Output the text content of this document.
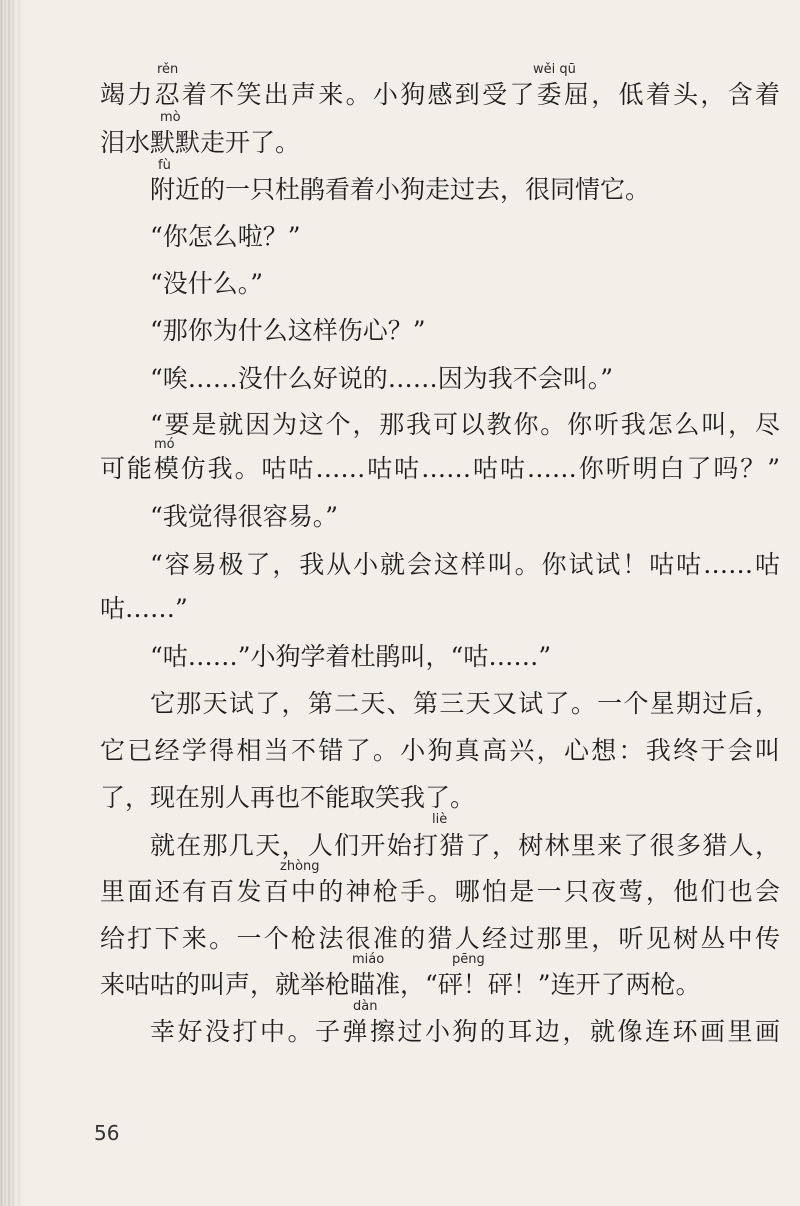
rěn	wěi qū
mò
fù
mó
liè
zhòng
miáo	pēng
dàn
竭力忍着不笑出声来。小狗感到受了委屈，低着头，含着
泪水默默走开了。
附近的一只杜鹃看着小狗走过去，很同情它。
“你怎么啦？”
“没什么。”
“那你为什么这样伤心？”
“唉……没什么好说的……因为我不会叫。”
“要是就因为这个，那我可以教你。你听我怎么叫，尽
可能模仿我。咕咕……咕咕……咕咕……你听明白了吗？”
“我觉得很容易。”
“容易极了，我从小就会这样叫。你试试！咕咕……咕
咕……”
“咕……”小狗学着杜鹃叫，“咕……”
它那天试了，第二天、第三天又试了。一个星期过后，
它已经学得相当不错了。小狗真高兴，心想：我终于会叫
了，现在别人再也不能取笑我了。
就在那几天，人们开始打猎了，树林里来了很多猎人，
里面还有百发百中的神枪手。哪怕是一只夜莺，他们也会
给打下来。一个枪法很准的猎人经过那里，听见树丛中传
来咕咕的叫声，就举枪瞄准，“砰！砰！”连开了两枪。
幸好没打中。子弹擦过小狗的耳边，就像连环画里画
56
